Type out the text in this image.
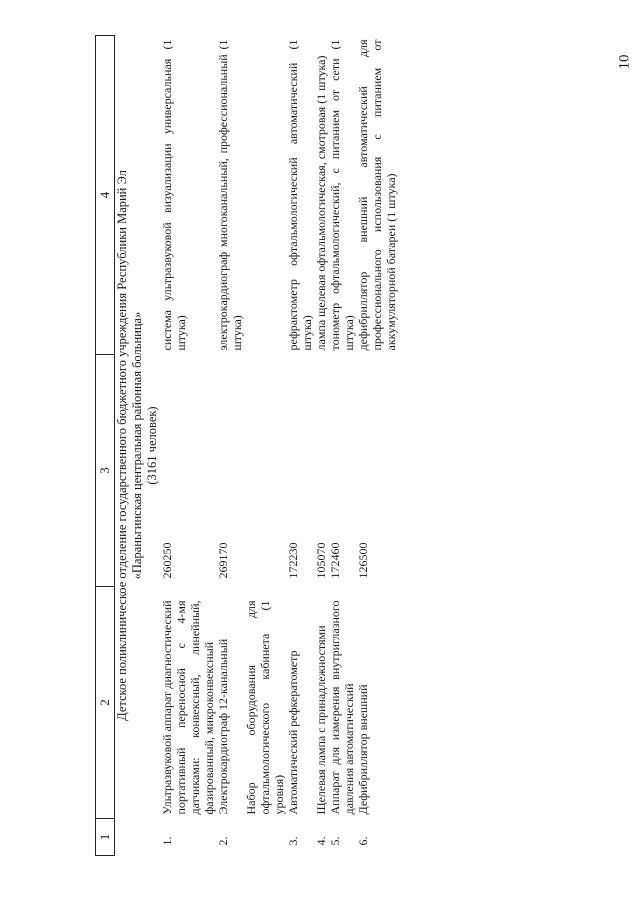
10
1	2	3	4

Детское поликлиническое отделение государственного бюджетного учреждения Республики Марий Эл «Параньгинская центральная районная больница» (3161 человек)			

1.	Ультразвуковой аппарат диагностический портативный переносной с 4-мя датчиками: конвексный, линейный, фазированный, микроконвексный	260250	система ультразвуковой визуализации универсальная (1 штука)
2.	Электрокардиограф 12-канальный	269170	электрокардиограф многоканальный, профессиональный (1 штука)
	Набор оборудования для офтальмологического кабинета (1 уровня)		
3.	Автоматический рефкератометр	172230	рефрактометр офтальмологический автоматический (1 штука)
4.	Щелевая лампа с принадлежностями	105070	лампа щелевая офтальмологическая, смотровая (1 штука)
5.	Аппарат для измерения внутриглазного давления автоматический	172460	тонометр офтальмологический, с питанием от сети (1 штука)
6.	Дефибриллятор внешний	126500	дефибриллятор внешний автоматический для профессионального использования с питанием от аккумуляторной батареи (1 штука)
